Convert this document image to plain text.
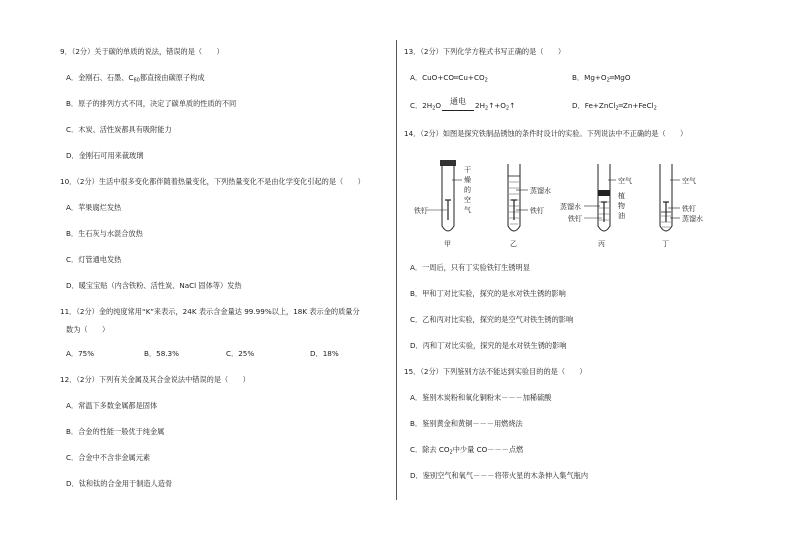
9．（2分）关于碳的单质的说法，错误的是（　　）
A．金刚石、石墨、$C_{60}$都直接由碳原子构成
B．原子的排列方式不同，决定了碳单质的性质的不同
C．木炭、活性炭都具有吸附能力
D．金刚石可用来裁玻璃
10．（2分）生活中很多变化都伴随着热量变化，下列热量变化不是由化学变化引起的是（　　）
A．苹果腐烂发热
B．生石灰与水混合放热
C．灯管通电发热
D．暖宝宝贴（内含铁粉、活性炭、NaCl 固体等）发热
11．（2分）金的纯度常用“K”来表示，24K 表示含金量达 99.99%以上，18K 表示金的质量分
数为（　　）
A．75%	B．58.3%	C．25%	D．18%
12．（2分）下列有关金属及其合金说法中错误的是（　　）
A．常温下多数金属都是固体
B．合金的性能一般优于纯金属
C．合金中不含非金属元素
D．钛和钛的合金用于制造人造骨
13．（2分）下列化学方程式书写正确的是（　　）
A．$CuO+CO═Cu+CO_2$	B．$Mg+O_2═MgO$
C．$2H_2O$	通电	$2H_2↑+O_2↑$	D．Fe+ZnCl$_2$═Zn+FeCl$_2$
14．（2分）如图是探究铁制品锈蚀的条件时设计的实验。下列说法中不正确的是（　　）
铁钉
干
燥
的
空
气
甲
蒸馏水
铁钉
乙
空气
植
物
油
蒸馏水
铁钉
丙
空气
铁钉
蒸馏水
丁
A．一周后，只有丁实验铁钉生锈明显
B．甲和丁对比实验，探究的是水对铁生锈的影响
C．乙和丙对比实验，探究的是空气对铁生锈的影响
D．丙和丁对比实验，探究的是水对铁生锈的影响
15．（2分）下列鉴别方法不能达到实验目的的是（　　）
A．鉴别木炭粉和氧化铜粉末－－－加稀硫酸
B．鉴别黄金和黄铜－－－用燃烧法
C．除去 $CO_2$中少量 CO－－－点燃
D．鉴别空气和氧气－－－将带火星的木条伸入集气瓶内
